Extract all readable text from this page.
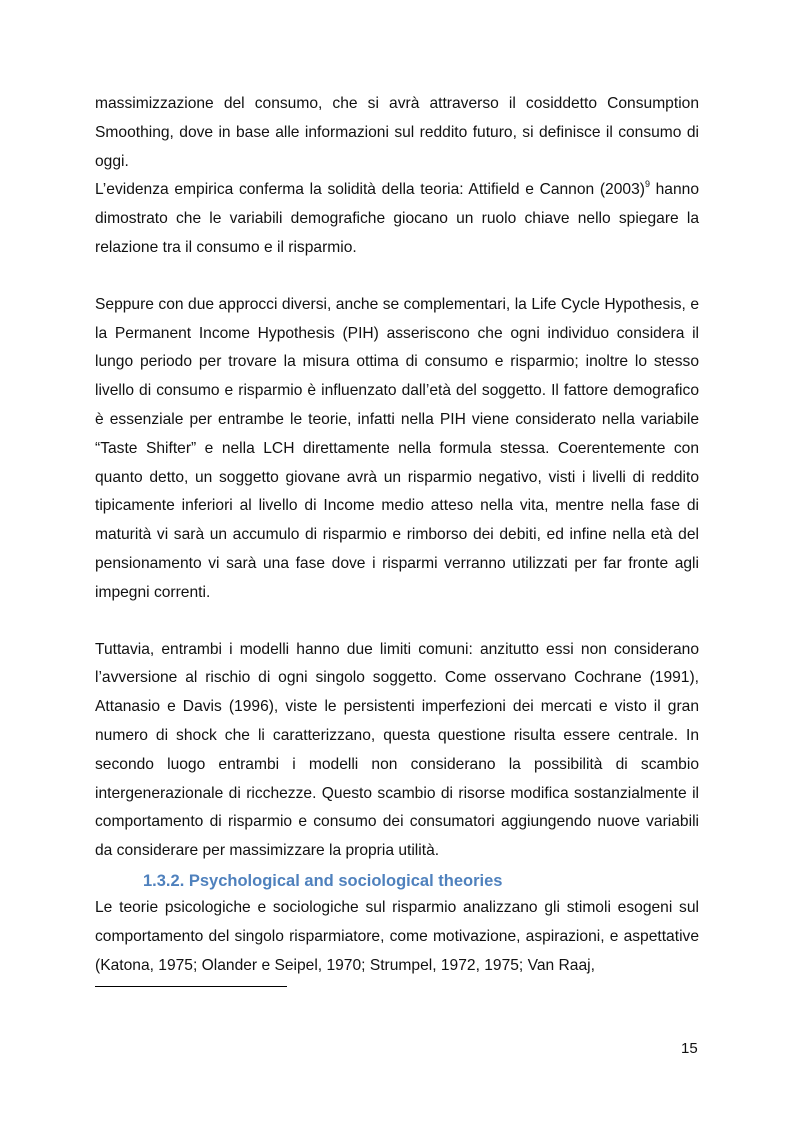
massimizzazione del consumo, che si avrà attraverso il cosiddetto Consumption Smoothing, dove in base alle informazioni sul reddito futuro, si definisce il consumo di oggi.

L’evidenza empirica conferma la solidità della teoria: Attifield e Cannon $(2003)^9$ hanno dimostrato che le variabili demografiche giocano un ruolo chiave nello spiegare la relazione tra il consumo e il risparmio.

Seppure con due approcci diversi, anche se complementari, la Life Cycle Hypothesis, e la Permanent Income Hypothesis (PIH) asseriscono che ogni individuo considera il lungo periodo per trovare la misura ottima di consumo e risparmio; inoltre lo stesso livello di consumo e risparmio è influenzato dall’età del soggetto. Il fattore demografico è essenziale per entrambe le teorie, infatti nella PIH viene considerato nella variabile “Taste Shifter” e nella LCH direttamente nella formula stessa. Coerentemente con quanto detto, un soggetto giovane avrà un risparmio negativo, visti i livelli di reddito tipicamente inferiori al livello di Income medio atteso nella vita, mentre nella fase di maturità vi sarà un accumulo di risparmio e rimborso dei debiti, ed infine nella età del pensionamento vi sarà una fase dove i risparmi verranno utilizzati per far fronte agli impegni correnti.

Tuttavia, entrambi i modelli hanno due limiti comuni: anzitutto essi non considerano l’avversione al rischio di ogni singolo soggetto. Come osservano Cochrane (1991), Attanasio e Davis (1996), viste le persistenti imperfezioni dei mercati e visto il gran numero di shock che li caratterizzano, questa questione risulta essere centrale. In secondo luogo entrambi i modelli non considerano la possibilità di scambio intergenerazionale di ricchezze. Questo scambio di risorse modifica sostanzialmente il comportamento di risparmio e consumo dei consumatori aggiungendo nuove variabili da considerare per massimizzare la propria utilità.

1.3.2. Psychological and sociological theories

Le teorie psicologiche e sociologiche sul risparmio analizzano gli stimoli esogeni sul comportamento del singolo risparmiatore, come motivazione, aspirazioni, e aspettative (Katona, 1975; Olander e Seipel, 1970; Strumpel, 1972, 1975; Van Raaj,

15
